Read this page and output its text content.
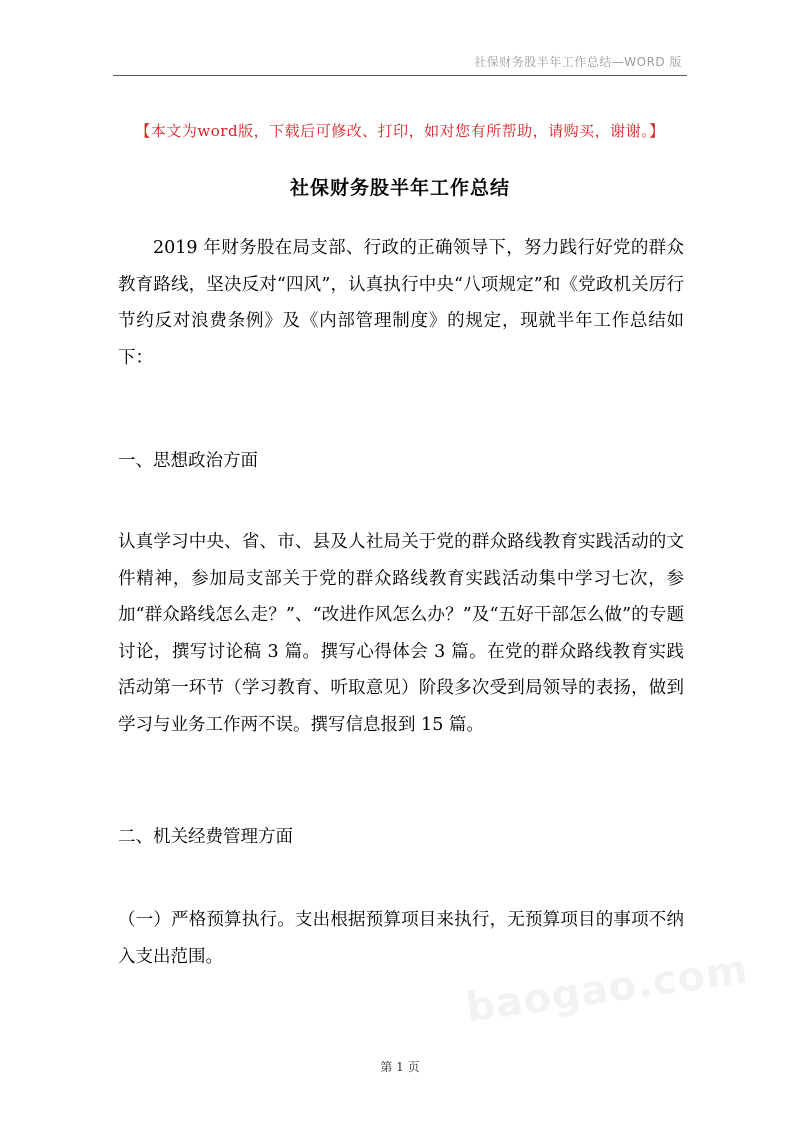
社保财务股半年工作总结—WORD 版
【本文为word版，下载后可修改、打印，如对您有所帮助，请购买，谢谢。】
社保财务股半年工作总结

2019 年财务股在局支部、行政的正确领导下，努力践行好党的群众教育路线，坚决反对“四风”，认真执行中央“八项规定”和《党政机关厉行节约反对浪费条例》及《内部管理制度》的规定，现就半年工作总结如下：

一、思想政治方面

认真学习中央、省、市、县及人社局关于党的群众路线教育实践活动的文件精神，参加局支部关于党的群众路线教育实践活动集中学习七次，参加“群众路线怎么走？”、“改进作风怎么办？”及“五好干部怎么做”的专题讨论，撰写讨论稿 3 篇。撰写心得体会 3 篇。在党的群众路线教育实践活动第一环节（学习教育、听取意见）阶段多次受到局领导的表扬，做到学习与业务工作两不误。撰写信息报到 15 篇。

二、机关经费管理方面

（一）严格预算执行。支出根据预算项目来执行，无预算项目的事项不纳入支出范围。	baogao.com
第 1 页
